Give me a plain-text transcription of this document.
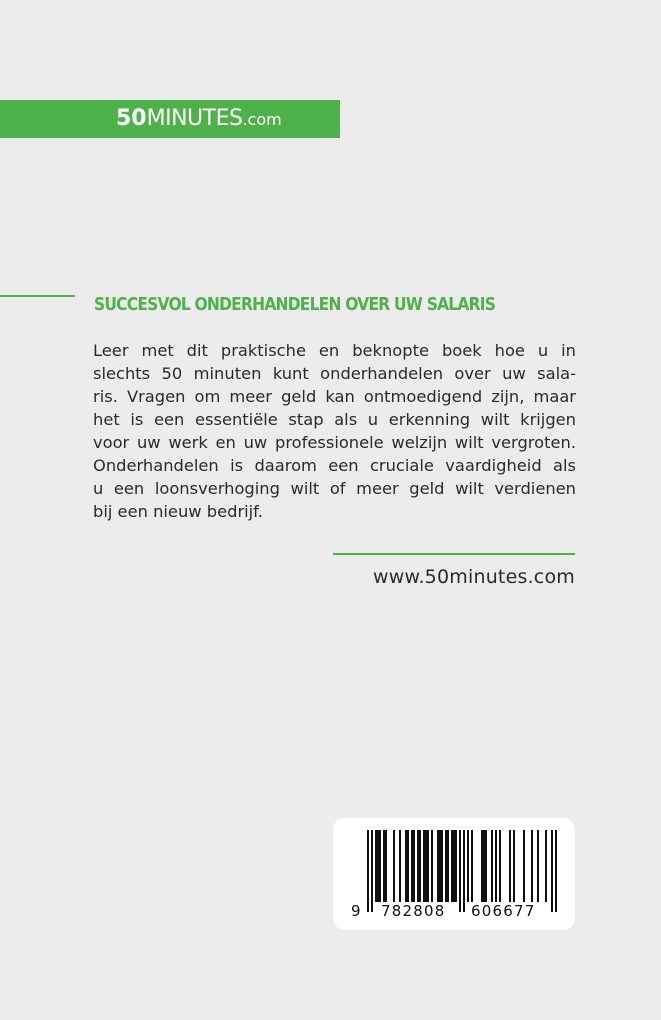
50MINUTES.com
SUCCESVOL ONDERHANDELEN OVER UW SALARIS
Leer met dit praktische en beknopte boek hoe u in
slechts 50 minuten kunt onderhandelen over uw sala-
ris. Vragen om meer geld kan ontmoedigend zijn, maar
het is een essentiële stap als u erkenning wilt krijgen
voor uw werk en uw professionele welzijn wilt vergroten.
Onderhandelen is daarom een cruciale vaardigheid als
u een loonsverhoging wilt of meer geld wilt verdienen
bij een nieuw bedrijf.
www.50minutes.com
9 782808 606677
